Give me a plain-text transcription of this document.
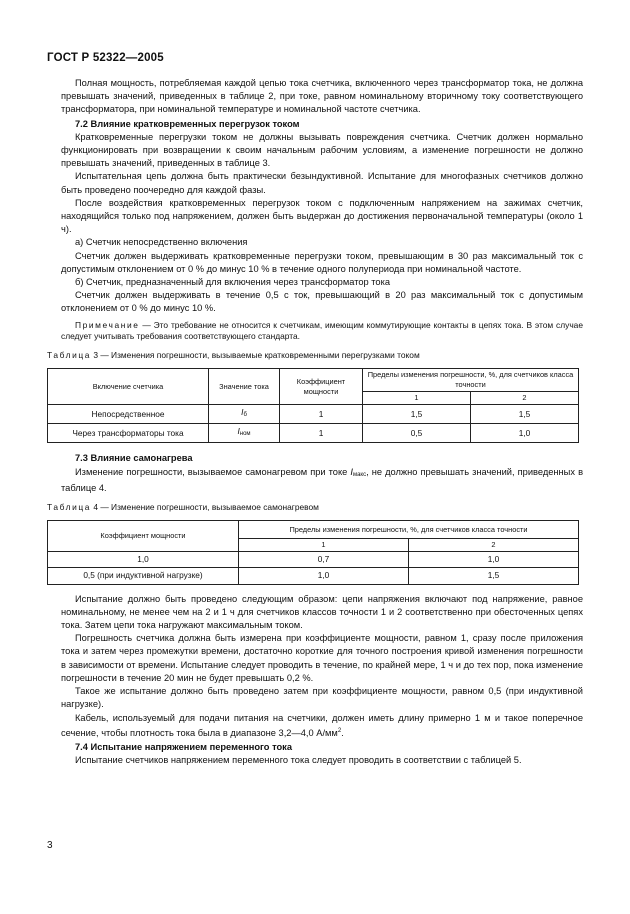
ГОСТ Р 52322—2005

Полная мощность, потребляемая каждой цепью тока счетчика, включенного через трансформатор тока, не должна превышать значений, приведенных в таблице 2, при токе, равном номинальному вторичному току соответствующего трансформатора, при номинальной температуре и номинальной частоте счетчика.

7.2 Влияние кратковременных перегрузок током

Кратковременные перегрузки током не должны вызывать повреждения счетчика. Счетчик должен нормально функционировать при возвращении к своим начальным рабочим условиям, а изменение погрешности не должно превышать значений, приведенных в таблице 3.

Испытательная цепь должна быть практически безындуктивной. Испытание для многофазных счетчиков должно быть проведено поочередно для каждой фазы.

После воздействия кратковременных перегрузок током с подключенным напряжением на зажимах счетчик, находящийся только под напряжением, должен быть выдержан до достижения первоначальной температуры (около 1 ч).

а) Счетчик непосредственно включения

Счетчик должен выдерживать кратковременные перегрузки током, превышающим в 30 раз максимальный ток с допустимым отклонением от 0 % до минус 10 % в течение одного полупериода при номинальной частоте.

б) Счетчик, предназначенный для включения через трансформатор тока

Счетчик должен выдерживать в течение 0,5 с ток, превышающий в 20 раз максимальный ток с допустимым отклонением от 0 % до минус 10 %.

Примечание — Это требование не относится к счетчикам, имеющим коммутирующие контакты в цепях тока. В этом случае следует учитывать требования соответствующего стандарта.

Таблица 3 — Изменения погрешности, вызываемые кратковременными перегрузками током

Включение счетчика	Значение тока	Коэффициент мощности	Пределы изменения погрешности, %, для счетчиков класса точности	
			1	2
Непосредственное	Iб	1	1,5	1,5
Через трансформаторы тока	Iном	1	0,5	1,0

7.3 Влияние самонагрева

Изменение погрешности, вызываемое самонагревом при токе Iмакс, не должно превышать значений, приведенных в таблице 4.

Таблица 4 — Изменение погрешности, вызываемое самонагревом

Коэффициент мощности	Пределы изменения погрешности, %, для счетчиков класса точности	
	1	2
1,0	0,7	1,0
0,5 (при индуктивной нагрузке)	1,0	1,5

Испытание должно быть проведено следующим образом: цепи напряжения включают под напряжение, равное номинальному, не менее чем на 2 и 1 ч для счетчиков классов точности 1 и 2 соответственно при обесточенных цепях тока. Затем цепи тока нагружают максимальным током.

Погрешность счетчика должна быть измерена при коэффициенте мощности, равном 1, сразу после приложения тока и затем через промежутки времени, достаточно короткие для точного построения кривой изменения погрешности в зависимости от времени. Испытание следует проводить в течение, по крайней мере, 1 ч и до тех пор, пока изменение погрешности в течение 20 мин не будет превышать 0,2 %.

Такое же испытание должно быть проведено затем при коэффициенте мощности, равном 0,5 (при индуктивной нагрузке).

Кабель, используемый для подачи питания на счетчики, должен иметь длину примерно 1 м и такое поперечное сечение, чтобы плотность тока была в диапазоне 3,2—4,0 $А/мм^2$.

7.4 Испытание напряжением переменного тока

Испытание счетчиков напряжением переменного тока следует проводить в соответствии с таблицей 5.

3
